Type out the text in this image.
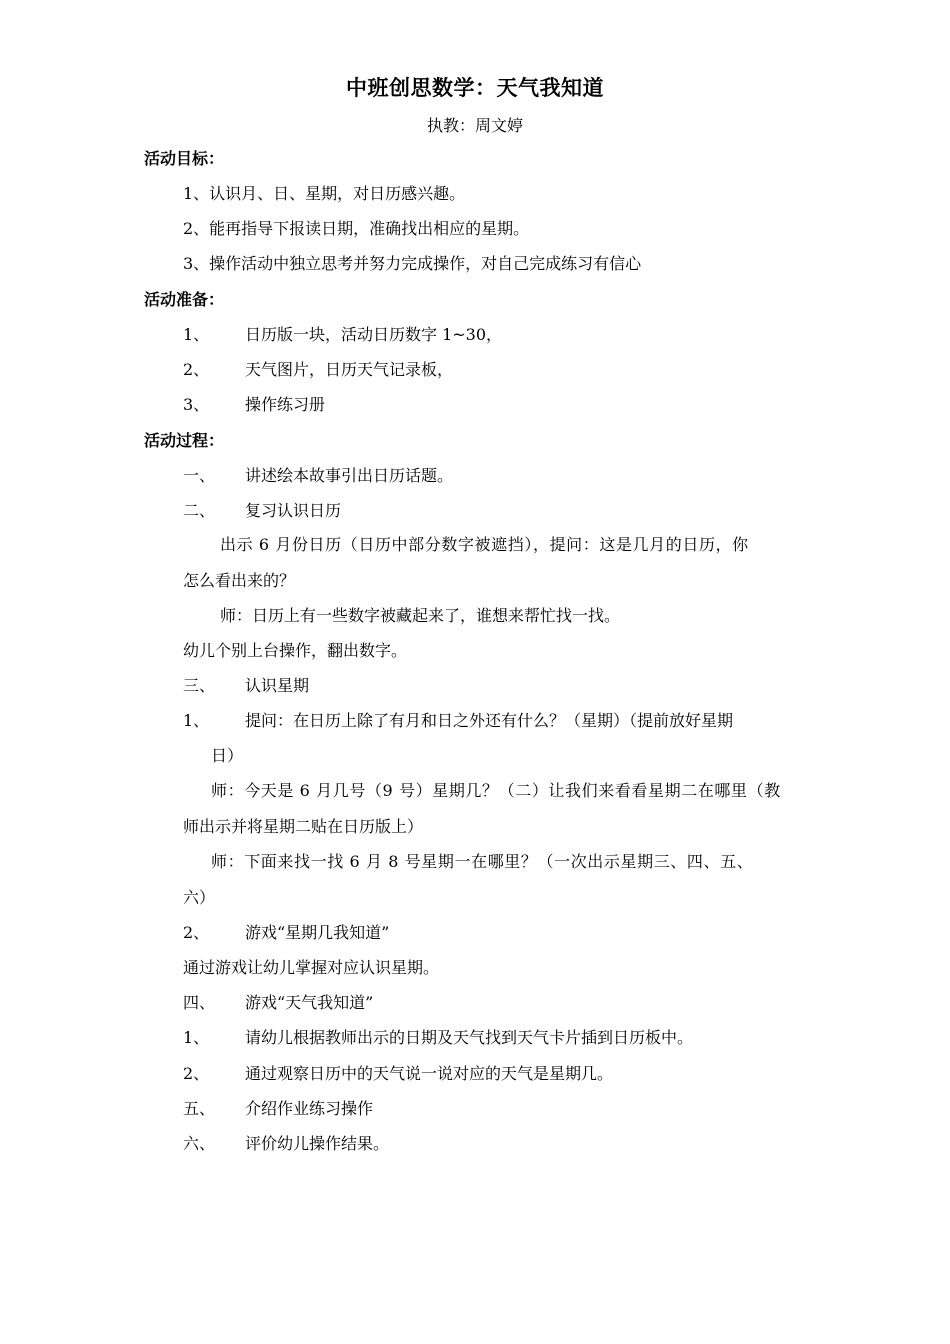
中班创思数学：天气我知道
执教：周文婷
活动目标：
1、认识月、日、星期，对日历感兴趣。
2、能再指导下报读日期，准确找出相应的星期。
3、操作活动中独立思考并努力完成操作，对自己完成练习有信心
活动准备：
1、 日历版一块，活动日历数字 1~30，
2、 天气图片，日历天气记录板，
3、 操作练习册
活动过程：
一、 讲述绘本故事引出日历话题。
二、 复习认识日历
出示 6 月份日历（日历中部分数字被遮挡），提问：这是几月的日历，你
怎么看出来的？
师：日历上有一些数字被藏起来了，谁想来帮忙找一找。
幼儿个别上台操作，翻出数字。
三、 认识星期
1、 提问：在日历上除了有月和日之外还有什么？（星期）（提前放好星期
日）
师：今天是 6 月几号（9 号）星期几？（二）让我们来看看星期二在哪里（教
师出示并将星期二贴在日历版上）
师：下面来找一找 6 月 8 号星期一在哪里？（一次出示星期三、四、五、
六）
2、 游戏“星期几我知道”
通过游戏让幼儿掌握对应认识星期。
四、 游戏“天气我知道”
1、 请幼儿根据教师出示的日期及天气找到天气卡片插到日历板中。
2、 通过观察日历中的天气说一说对应的天气是星期几。
五、 介绍作业练习操作
六、 评价幼儿操作结果。
